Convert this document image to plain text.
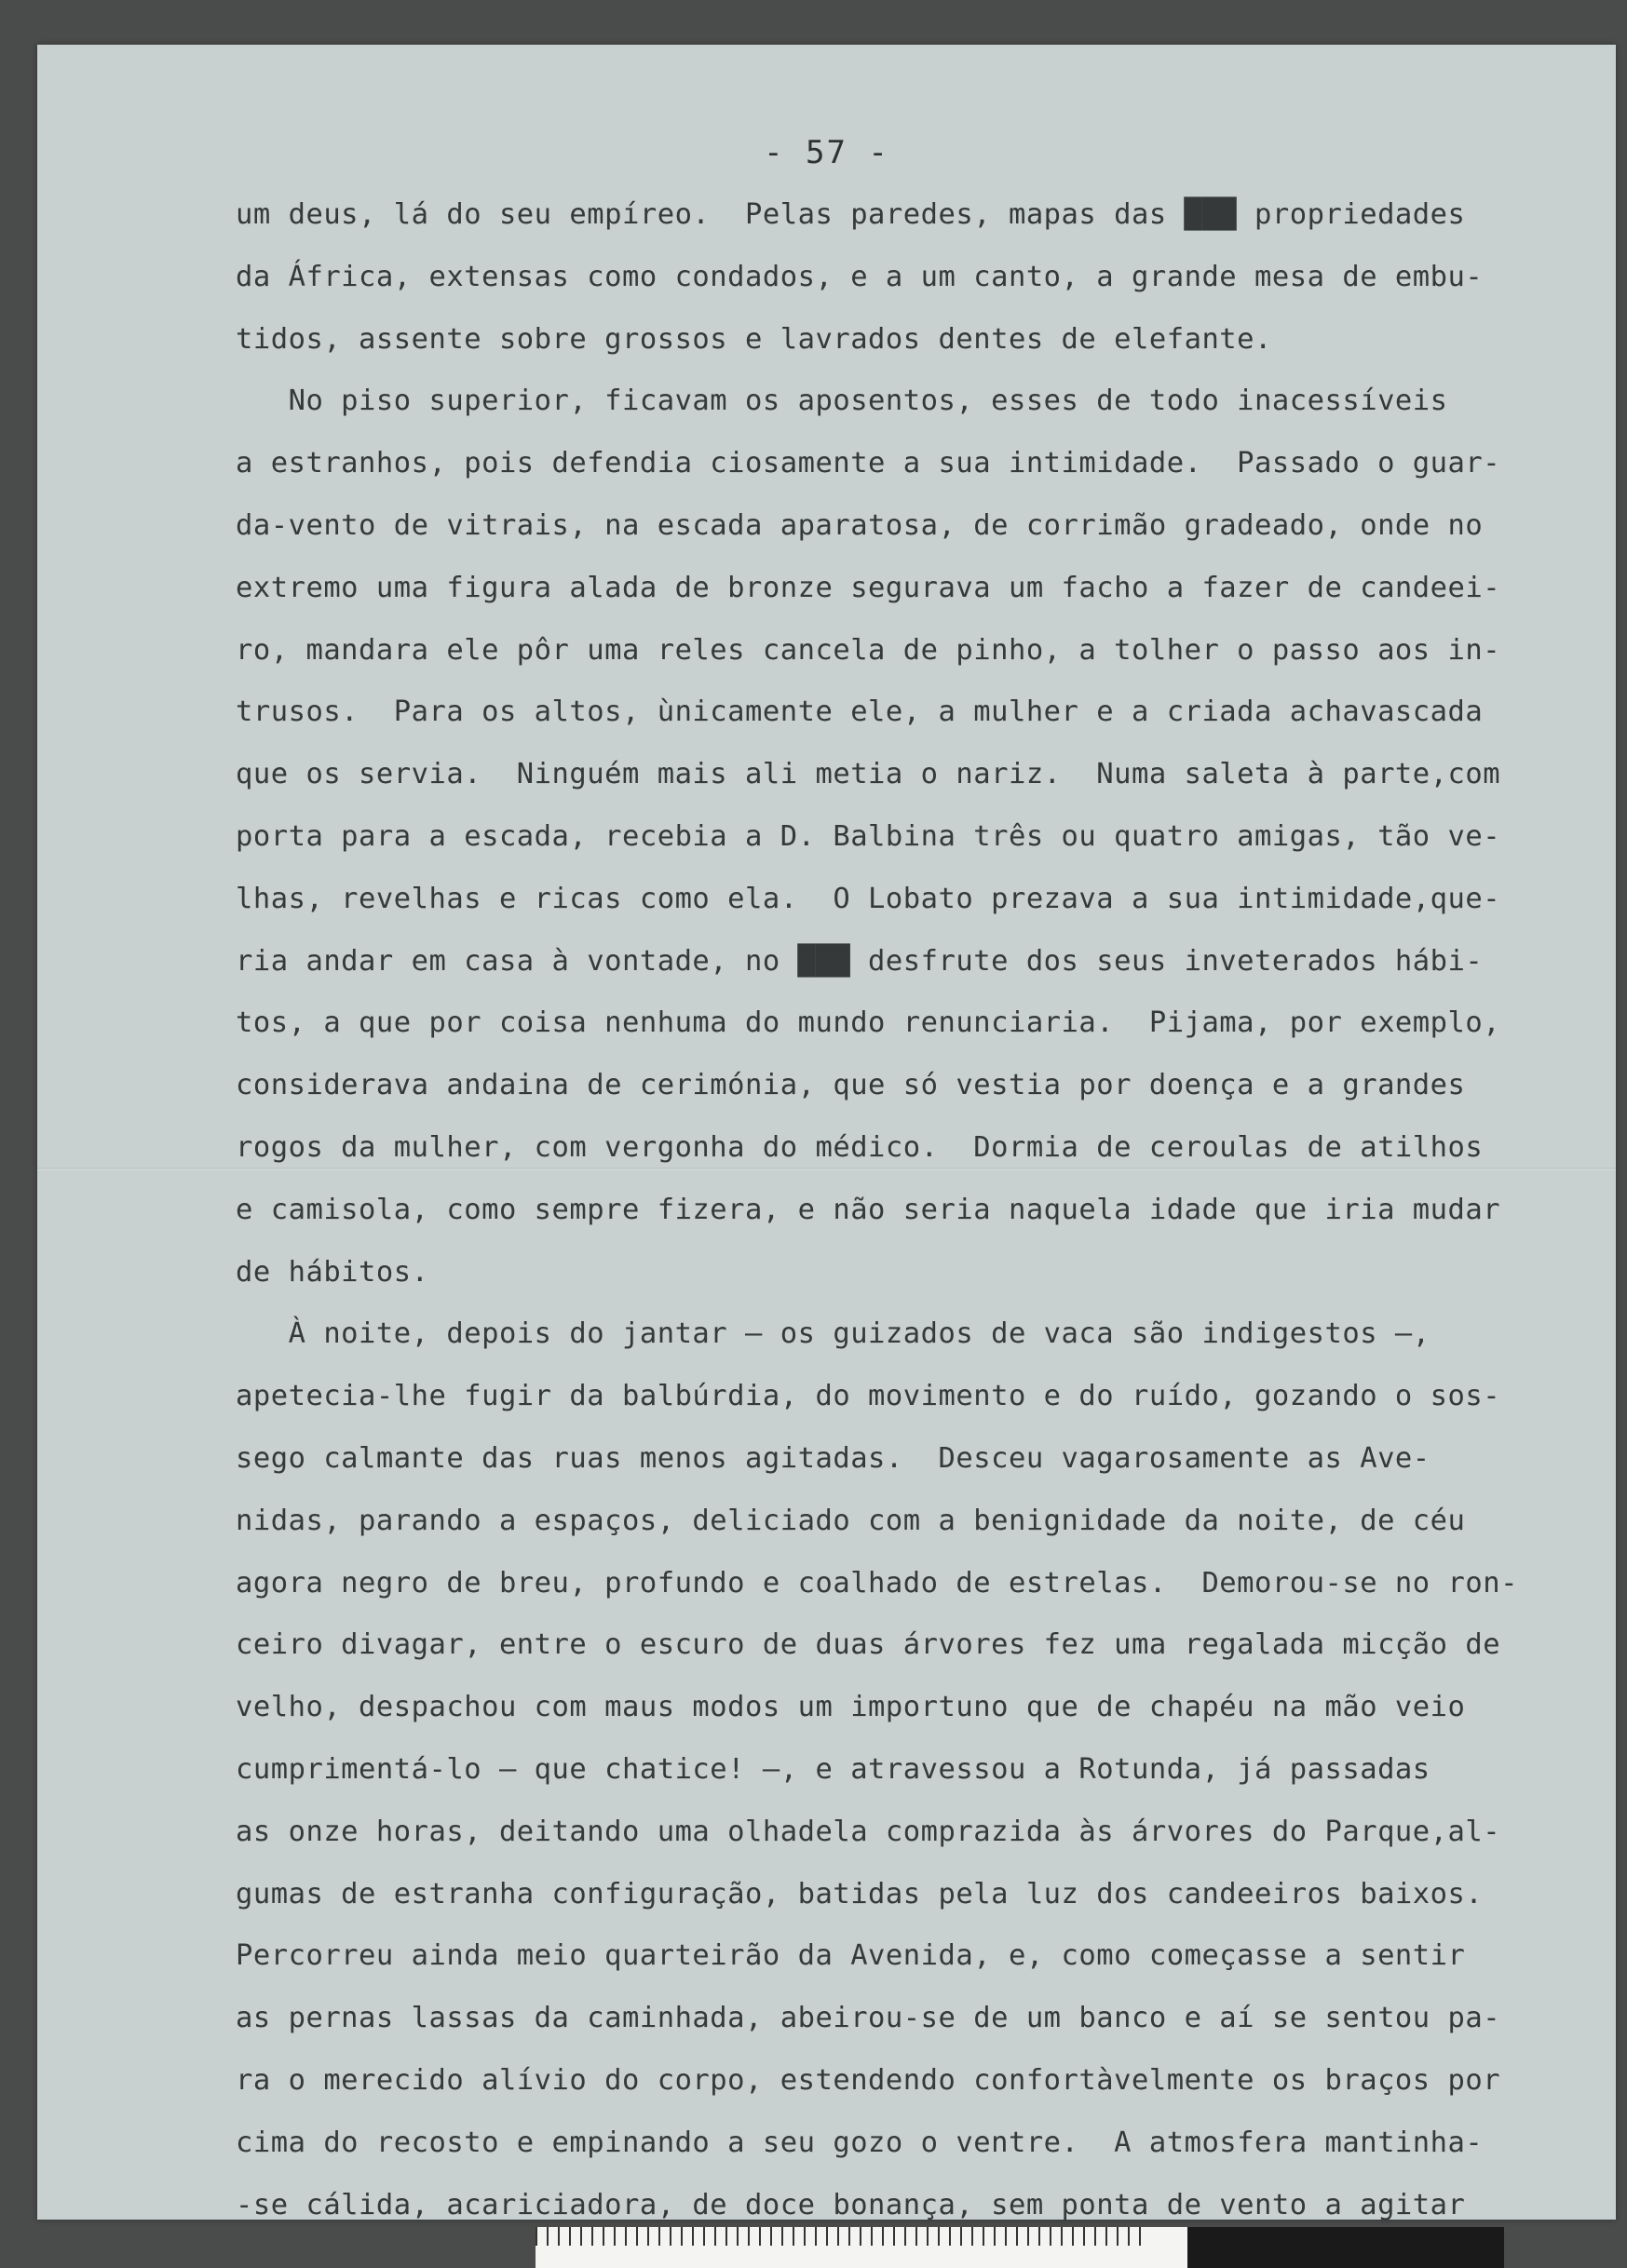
- 57 -
um deus, lá do seu empíreo.  Pelas paredes, mapas das ███ propriedades
da África, extensas como condados, e a um canto, a grande mesa de embu-
tidos, assente sobre grossos e lavrados dentes de elefante.
No piso superior, ficavam os aposentos, esses de todo inacessíveis
a estranhos, pois defendia ciosamente a sua intimidade.  Passado o guar-
da-vento de vitrais, na escada aparatosa, de corrimão gradeado, onde no
extremo uma figura alada de bronze segurava um facho a fazer de candeei-
ro, mandara ele pôr uma reles cancela de pinho, a tolher o passo aos in-
trusos.  Para os altos, ùnicamente ele, a mulher e a criada achavascada
que os servia.  Ninguém mais ali metia o nariz.  Numa saleta à parte,com
porta para a escada, recebia a D. Balbina três ou quatro amigas, tão ve-
lhas, revelhas e ricas como ela.  O Lobato prezava a sua intimidade,que-
ria andar em casa à vontade, no ███ desfrute dos seus inveterados hábi-
tos, a que por coisa nenhuma do mundo renunciaria.  Pijama, por exemplo,
considerava andaina de cerimónia, que só vestia por doença e a grandes
rogos da mulher, com vergonha do médico.  Dormia de ceroulas de atilhos
e camisola, como sempre fizera, e não seria naquela idade que iria mudar
de hábitos.
À noite, depois do jantar — os guizados de vaca são indigestos —,
apetecia-lhe fugir da balbúrdia, do movimento e do ruído, gozando o sos-
sego calmante das ruas menos agitadas.  Desceu vagarosamente as Ave-
nidas, parando a espaços, deliciado com a benignidade da noite, de céu
agora negro de breu, profundo e coalhado de estrelas.  Demorou-se no ron-
ceiro divagar, entre o escuro de duas árvores fez uma regalada micção de
velho, despachou com maus modos um importuno que de chapéu na mão veio
cumprimentá-lo — que chatice! —, e atravessou a Rotunda, já passadas
as onze horas, deitando uma olhadela comprazida às árvores do Parque,al-
gumas de estranha configuração, batidas pela luz dos candeeiros baixos.
Percorreu ainda meio quarteirão da Avenida, e, como começasse a sentir
as pernas lassas da caminhada, abeirou-se de um banco e aí se sentou pa-
ra o merecido alívio do corpo, estendendo confortàvelmente os braços por
cima do recosto e empinando a seu gozo o ventre.  A atmosfera mantinha-
-se cálida, acariciadora, de doce bonança, sem ponta de vento a agitar
